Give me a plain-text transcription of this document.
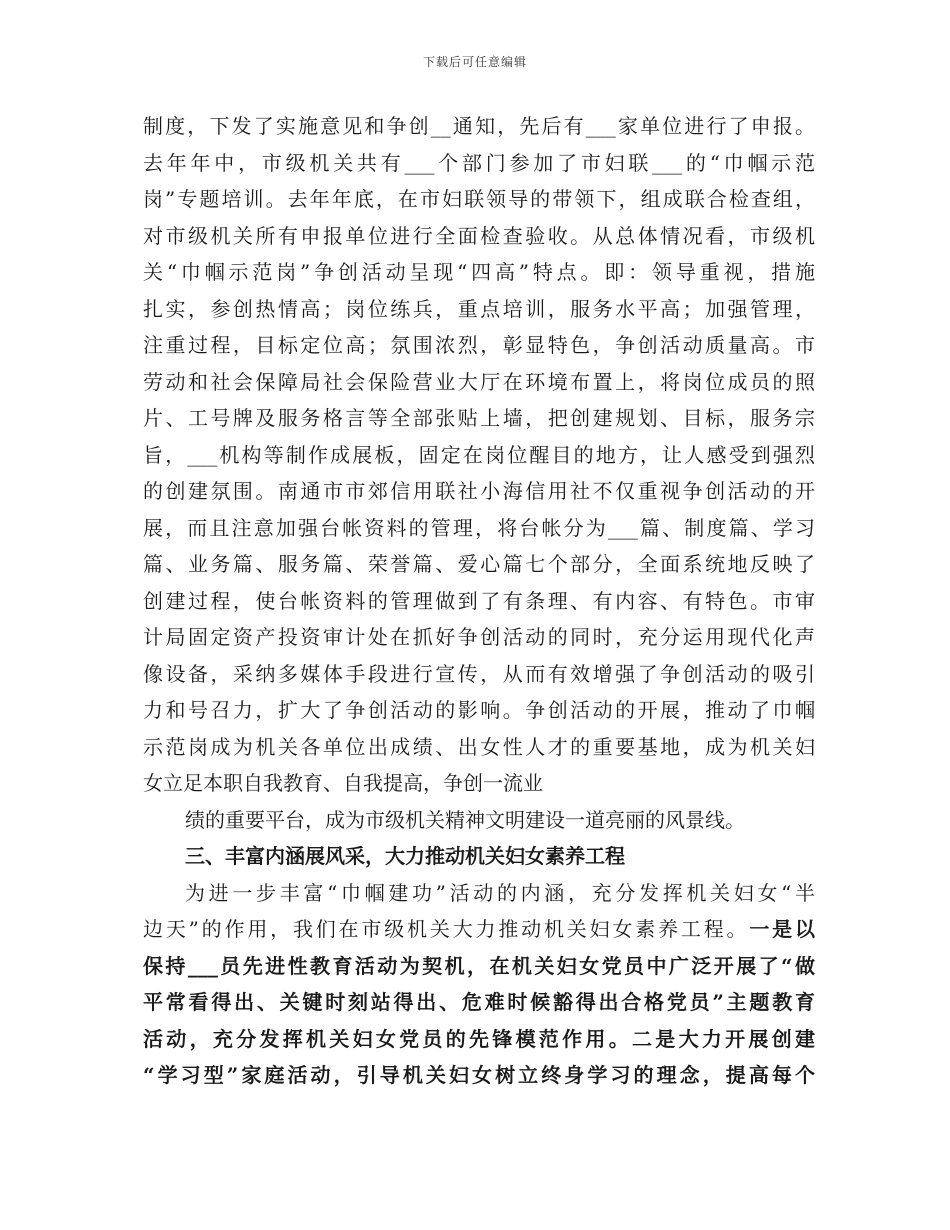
下载后可任意编辑
制度，下发了实施意见和争创__通知，先后有___家单位进行了申报。
去年年中，市级机关共有___个部门参加了市妇联___的“巾帼示范
岗”专题培训。去年年底，在市妇联领导的带领下，组成联合检查组，
对市级机关所有申报单位进行全面检查验收。从总体情况看，市级机
关“巾帼示范岗”争创活动呈现“四高”特点。即：领导重视，措施
扎实，参创热情高；岗位练兵，重点培训，服务水平高；加强管理，
注重过程，目标定位高；氛围浓烈，彰显特色，争创活动质量高。市
劳动和社会保障局社会保险营业大厅在环境布置上，将岗位成员的照
片、工号牌及服务格言等全部张贴上墙，把创建规划、目标，服务宗
旨，___机构等制作成展板，固定在岗位醒目的地方，让人感受到强烈
的创建氛围。南通市市郊信用联社小海信用社不仅重视争创活动的开
展，而且注意加强台帐资料的管理，将台帐分为___篇、制度篇、学习
篇、业务篇、服务篇、荣誉篇、爱心篇七个部分，全面系统地反映了
创建过程，使台帐资料的管理做到了有条理、有内容、有特色。市审
计局固定资产投资审计处在抓好争创活动的同时，充分运用现代化声
像设备，采纳多媒体手段进行宣传，从而有效增强了争创活动的吸引
力和号召力，扩大了争创活动的影响。争创活动的开展，推动了巾帼
示范岗成为机关各单位出成绩、出女性人才的重要基地，成为机关妇
女立足本职自我教育、自我提高，争创一流业
绩的重要平台，成为市级机关精神文明建设一道亮丽的风景线。
三、丰富内涵展风采，大力推动机关妇女素养工程
为进一步丰富“巾帼建功”活动的内涵，充分发挥机关妇女“半
边天”的作用，我们在市级机关大力推动机关妇女素养工程。一是以
保持___员先进性教育活动为契机，在机关妇女党员中广泛开展了“做
平常看得出、关键时刻站得出、危难时候豁得出合格党员”主题教育
活动，充分发挥机关妇女党员的先锋模范作用。二是大力开展创建
“学习型”家庭活动，引导机关妇女树立终身学习的理念，提高每个
